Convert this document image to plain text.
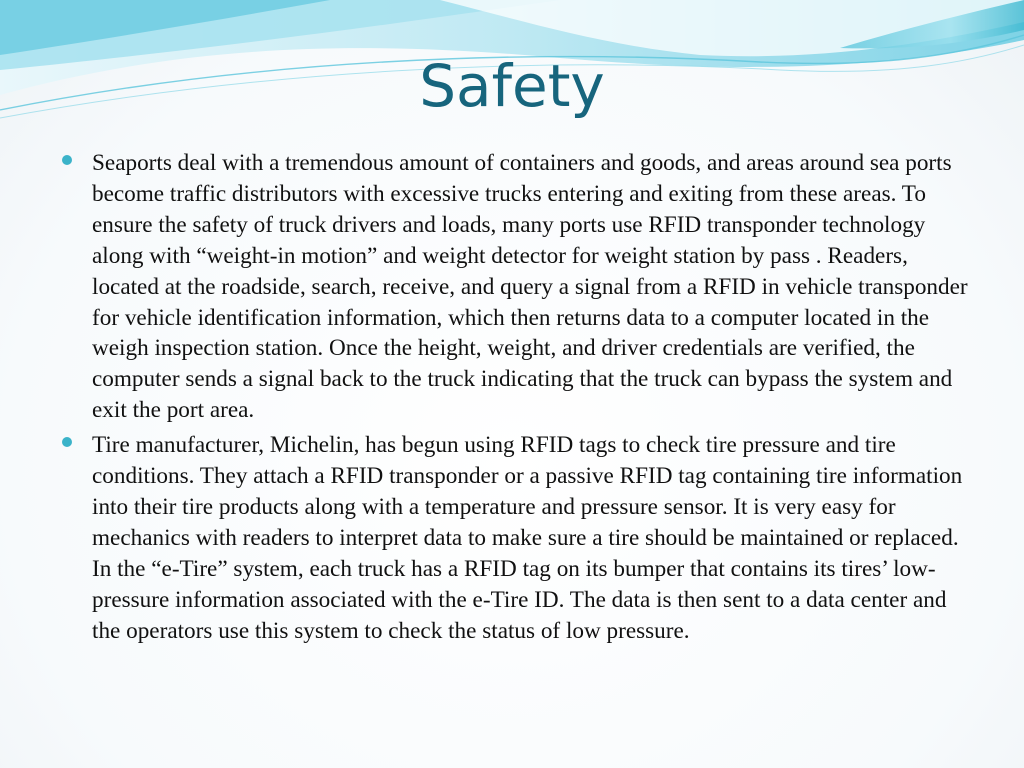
Safety
Seaports deal with a tremendous amount of containers and goods, and areas around sea ports become traffic distributors with excessive trucks entering and exiting from these areas. To ensure the safety of truck drivers and loads, many ports use RFID transponder technology along with “weight-in motion” and weight detector for weight station by pass . Readers, located at the roadside, search, receive, and query a signal from a RFID in vehicle transponder for vehicle identification information, which then returns data to a computer located in the weigh inspection station. Once the height, weight, and driver credentials are verified, the computer sends a signal back to the truck indicating that the truck can bypass the system and exit the port area.
Tire manufacturer, Michelin, has begun using RFID tags to check tire pressure and tire conditions. They attach a RFID transponder or a passive RFID tag containing tire information into their tire products along with a temperature and pressure sensor. It is very easy for mechanics with readers to interpret data to make sure a tire should be maintained or replaced. In the “e-Tire” system, each truck has a RFID tag on its bumper that contains its tires’ low-pressure information associated with the e-Tire ID. The data is then sent to a data center and the operators use this system to check the status of low pressure.
